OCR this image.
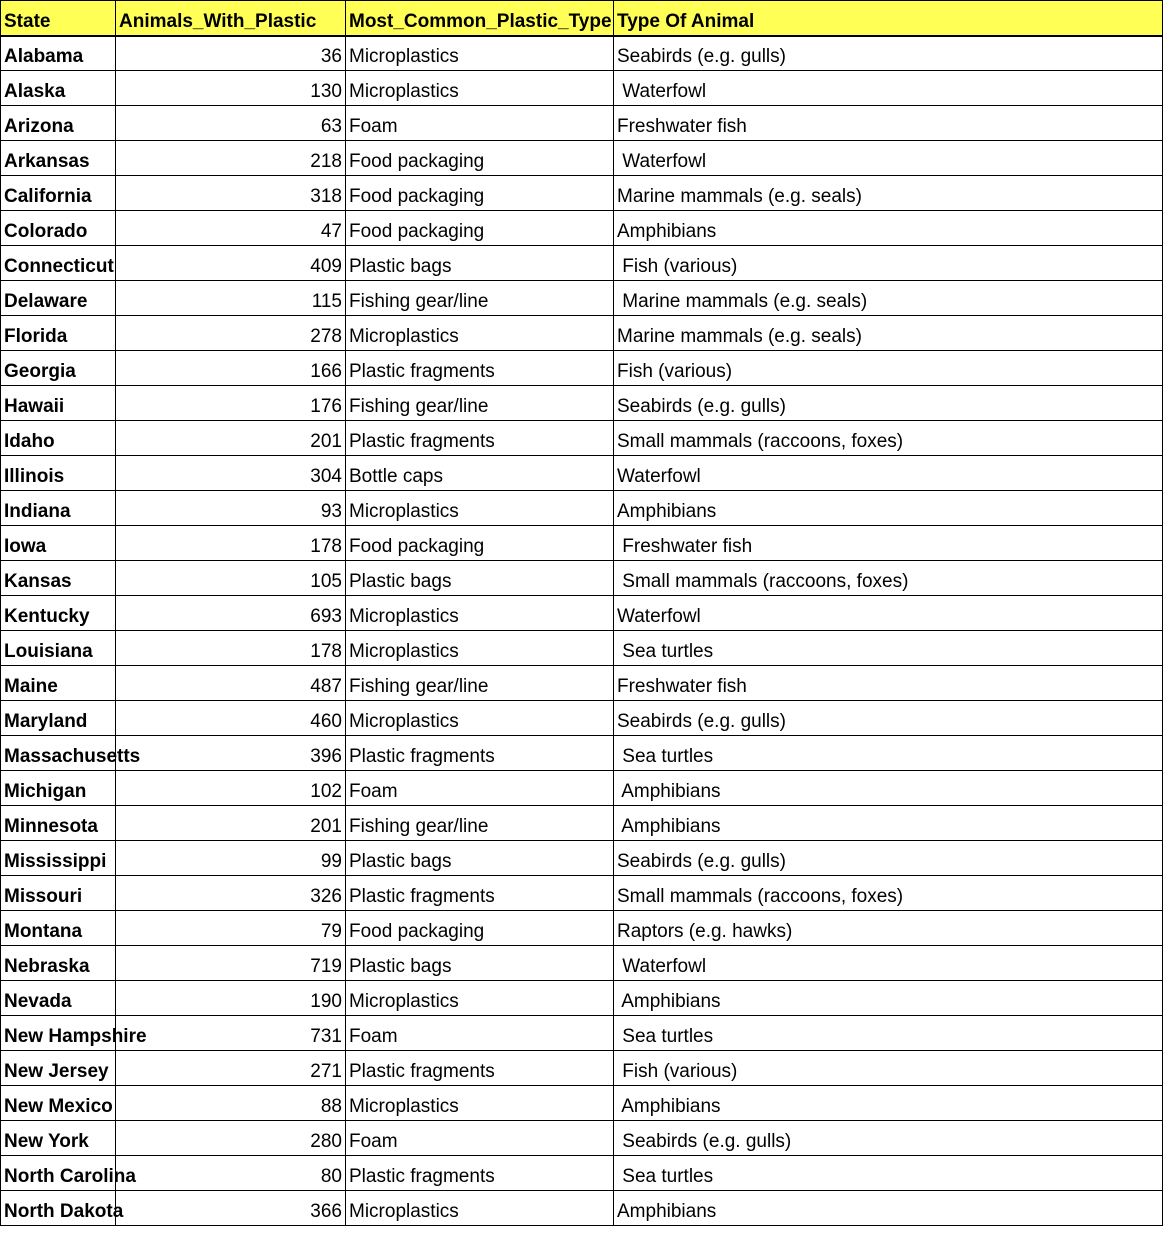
State	Animals_With_Plastic	Most_Common_Plastic_Type	Type Of Animal
Alabama	36	Microplastics	Seabirds (e.g. gulls)
Alaska	130	Microplastics	Waterfowl
Arizona	63	Foam	Freshwater fish
Arkansas	218	Food packaging	Waterfowl
California	318	Food packaging	Marine mammals (e.g. seals)
Colorado	47	Food packaging	Amphibians
Connecticut	409	Plastic bags	Fish (various)
Delaware	115	Fishing gear/line	Marine mammals (e.g. seals)
Florida	278	Microplastics	Marine mammals (e.g. seals)
Georgia	166	Plastic fragments	Fish (various)
Hawaii	176	Fishing gear/line	Seabirds (e.g. gulls)
Idaho	201	Plastic fragments	Small mammals (raccoons, foxes)
Illinois	304	Bottle caps	Waterfowl
Indiana	93	Microplastics	Amphibians
Iowa	178	Food packaging	Freshwater fish
Kansas	105	Plastic bags	Small mammals (raccoons, foxes)
Kentucky	693	Microplastics	Waterfowl
Louisiana	178	Microplastics	Sea turtles
Maine	487	Fishing gear/line	Freshwater fish
Maryland	460	Microplastics	Seabirds (e.g. gulls)
Massachusetts	396	Plastic fragments	Sea turtles
Michigan	102	Foam	Amphibians
Minnesota	201	Fishing gear/line	Amphibians
Mississippi	99	Plastic bags	Seabirds (e.g. gulls)
Missouri	326	Plastic fragments	Small mammals (raccoons, foxes)
Montana	79	Food packaging	Raptors (e.g. hawks)
Nebraska	719	Plastic bags	Waterfowl
Nevada	190	Microplastics	Amphibians
New Hampshire	731	Foam	Sea turtles
New Jersey	271	Plastic fragments	Fish (various)
New Mexico	88	Microplastics	Amphibians
New York	280	Foam	Seabirds (e.g. gulls)
North Carolina	80	Plastic fragments	Sea turtles
North Dakota	366	Microplastics	Amphibians
